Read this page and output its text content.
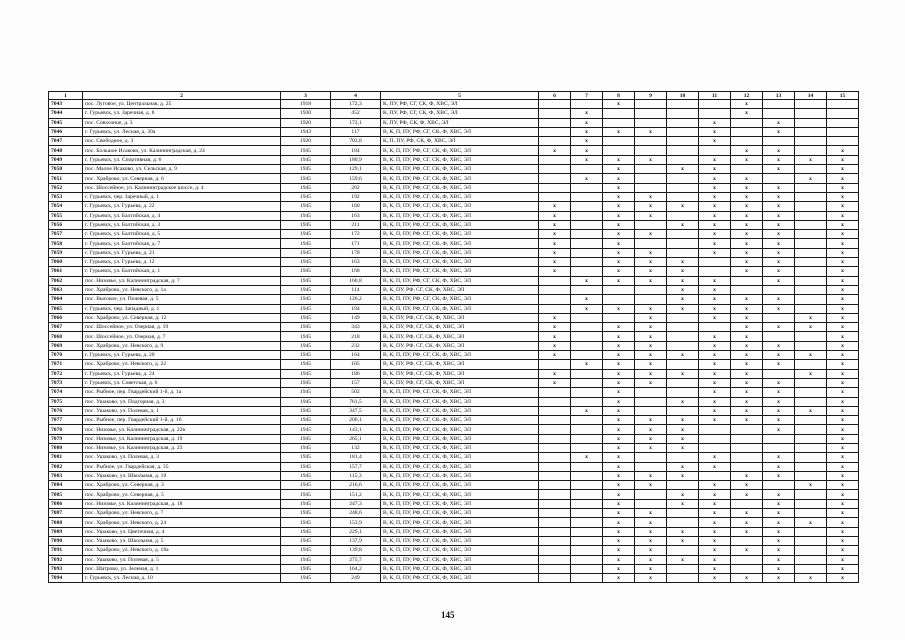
1	2	3	4	5	6	7	8	9	10	11	12	13	14	15
7043	пос. Луговое, ул. Центральная, д. 25	1918	172,3	К, ПУ, РФ, СГ, СК, Ф, ХВС, ЭЛ			x				x			
7044	г. Гурьевск, ул. Заречная, д. 8	1930	452	К, ПУ, РФ, СГ, СК, Ф, ХВС, ЭЛ		x					x			
7045	пос. Совхозное, д. 3	1920	172,1	К, ПУ, РФ, СК, Ф, ХВС, ЭЛ		x				x		x		
7046	г. Гурьевск, ул. Лесная, д. 30а	1943	117	В, К, П, ПУ, РФ, СГ, СК, Ф, ХВС, ЭЛ		x	x	x		x		x		
7047	пос. Свободное, д. 3	1920	703,8	К, П, ПУ, РФ, СК, Ф, ХВС, ЭЛ		x				x				
7048	пос. Большое Исаково, ул. Калининградская, д. 24	1945	184	В, К, П, ПУ, РФ, СГ, СК, Ф, ХВС, ЭЛ	x	x					x	x		x
7049	г. Гурьевск, ул. Спортивная, д. 6	1945	180,9	В, К, П, ПУ, РФ, СГ, СК, Ф, ХВС, ЭЛ		x	x	x		x	x	x	x	x
7050	пос. Малое Исаково, ул. Сельская, д. 9	1945	129,1	В, К, П, ПУ, РФ, СГ, СК, Ф, ХВС, ЭЛ			x		x	x		x		x
7051	пос. Храброво, ул. Северная, д. 6	1945	159,6	В, К, П, ПУ, РФ, СГ, СК, Ф, ХВС, ЭЛ		x	x			x	x		x	x
7052	пос. Шоссейное, ул. Калининградское шоссе, д. 4	1945	202	В, К, П, ПУ, РФ, СГ, СК, Ф, ХВС, ЭЛ			x			x	x	x		x
7053	г. Гурьевск, пер. Заречный, д. 1	1945	192	В, К, П, ПУ, РФ, СГ, СК, Ф, ХВС, ЭЛ			x	x		x	x	x		x
7054	г. Гурьевск, ул. Гурьева, д. 22	1945	160	В, К, П, ПУ, РФ, СГ, СК, Ф, ХВС, ЭЛ	x		x	x	x	x	x	x		x
7055	г. Гурьевск, ул. Балтийская, д. 4	1945	163	В, К, П, ПУ, РФ, СГ, СК, Ф, ХВС, ЭЛ	x		x	x		x	x	x		x
7056	г. Гурьевск, ул. Балтийская, д. 3	1945	211	В, К, П, ПУ, РФ, СГ, СК, Ф, ХВС, ЭЛ	x		x		x	x	x	x		x
7057	г. Гурьевск, ул. Балтийская, д. 5	1945	172	В, К, П, ПУ, РФ, СГ, СК, Ф, ХВС, ЭЛ	x		x	x		x	x	x		x
7058	г. Гурьевск, ул. Балтийская, д. 7	1945	171	В, К, П, ПУ, РФ, СГ, СК, Ф, ХВС, ЭЛ	x		x			x	x	x		x
7059	г. Гурьевск, ул. Гурьева, д. 21	1945	178	В, К, П, ПУ, РФ, СГ, СК, Ф, ХВС, ЭЛ	x		x	x		x	x	x		x
7060	г. Гурьевск, ул. Гурьева, д. 12	1945	163	В, К, П, ПУ, РФ, СГ, СК, Ф, ХВС, ЭЛ	x		x	x	x		x	x		x
7061	г. Гурьевск, ул. Балтийская, д. 1	1945	168	В, К, П, ПУ, РФ, СГ, СК, Ф, ХВС, ЭЛ	x		x	x	x		x	x		x
7062	пос. Низовье, ул. Калининградская, д. 7	1945	160,8	В, К, П, ПУ, РФ, СГ, СК, Ф, ХВС, ЭЛ		x	x	x	x	x		x		x
7063	пос. Храброво, ул. Невского, д. 1а	1945	114	В, К, ПУ, РФ, СГ, СК, Ф, ХВС, ЭЛ					x	x				x
7064	пос. Высокое, ул. Полевая, д. 5	1945	126,2	В, К, П, ПУ, РФ, СГ, СК, Ф, ХВС, ЭЛ		x			x	x	x	x		x
7065	г. Гурьевск, пер. Западный, д. 1	1945	194	В, К, П, ПУ, РФ, СГ, СК, Ф, ХВС, ЭЛ		x	x	x	x	x	x	x		x
7066	пос. Храброво, ул. Северная, д. 12	1945	149	В, К, ПУ, РФ, СГ, СК, Ф, ХВС, ЭЛ	x			x		x	x		x	x
7067	пос. Шоссейное, ул. Озерная, д. 19	1945	343	В, К, ПУ, РФ, СГ, СК, Ф, ХВС, ЭЛ	x		x	x			x	x	x	x
7068	пос. Шоссейное, ул. Озерная, д. 7	1945	218	В, К, ПУ, РФ, СГ, СК, Ф, ХВС, ЭЛ	x		x	x		x	x			x
7069	пос. Храброво, ул. Невского, д. 9	1945	232	В, К, ПУ, РФ, СГ, СК, Ф, ХВС, ЭЛ	x		x	x		x	x	x		x
7070	г. Гурьевск, ул. Гурьева, д. 20	1945	164	В, К, П, ПУ, РФ, СГ, СК, Ф, ХВС, ЭЛ	x		x	x	x	x	x	x	x	x
7071	пос. Храброво, ул. Невского, д. 22	1945	105	В, К, ПУ, РФ, СГ, СК, Ф, ХВС, ЭЛ		x	x	x		x	x	x		x
7072	г. Гурьевск, ул. Гурьева, д. 24	1945	186	В, К, ПУ, РФ, СГ, СК, Ф, ХВС, ЭЛ	x		x	x	x	x	x		x	x
7073	г. Гурьевск, ул. Советская, д. 6	1945	157	В, К, ПУ, РФ, СГ, СК, Ф, ХВС, ЭЛ	x		x	x		x	x	x		x
7074	пос. Рыбное, пер. Гвардейский 1-й, д. 1а	1945	502	В, К, П, ПУ, РФ, СГ, СК, Ф, ХВС, ЭЛ			x			x	x	x		x
7075	пос. Ушаково, ул. Подгорная, д. 3	1945	761,5	В, К, П, ПУ, РФ, СГ, СК, Ф, ХВС, ЭЛ			x		x	x	x	x		x
7076	пос. Ушаково, ул. Полевая, д. 1	1945	347,5	В, К, П, ПУ, РФ, СГ, СК, Ф, ХВС, ЭЛ		x	x			x	x	x	x	x
7077	пос. Рыбное, пер. Гвардейский 1-й, д. 16	1945	206,1	В, К, П, ПУ, РФ, СГ, СК, Ф, ХВС, ЭЛ			x	x	x	x	x	x		x
7078	пос. Низовье, ул. Калининградская, д. 22в	1945	143,1	В, К, П, ПУ, РФ, СГ, СК, Ф, ХВС, ЭЛ			x	x	x			x		x
7079	пос. Низовье, ул. Калининградская, д. 19	1945	265,1	В, К, П, ПУ, РФ, СГ, СК, Ф, ХВС, ЭЛ			x	x	x					x
7080	пос. Низовье, ул. Калининградская, д. 23	1945	132	В, К, П, ПУ, РФ, СГ, СК, Ф, ХВС, ЭЛ			x	x	x					x
7081	пос. Ушаково, ул. Полевая, д. 3	1945	181,4	В, К, П, ПУ, РФ, СГ, СК, Ф, ХВС, ЭЛ		x	x			x		x		x
7082	пос. Рыбное, ул. Гвардейская, д. 35	1945	157,7	В, К, П, ПУ, РФ, СГ, СК, Ф, ХВС, ЭЛ			x		x	x		x		x
7083	пос. Ушаково, ул. Школьная, д. 10	1945	115,3	В, К, П, ПУ, РФ, СГ, СК, Ф, ХВС, ЭЛ			x	x	x		x	x		x
7084	пос. Храброво, ул. Северная, д. 3	1945	216,6	В, К, П, ПУ, РФ, СГ, СК, Ф, ХВС, ЭЛ			x	x		x	x		x	x
7085	пос. Храброво, ул. Северная, д. 5	1945	151,2	В, К, П, ПУ, РФ, СГ, СК, Ф, ХВС, ЭЛ			x		x	x	x	x		x
7086	пос. Низовье, ул. Калининградская, д. 18	1945	247,3	В, К, П, ПУ, РФ, СГ, СК, Ф, ХВС, ЭЛ			x		x	x		x		x
7087	пос. Храброво, ул. Невского, д. 7	1945	248,6	В, К, П, ПУ, РФ, СГ, СК, Ф, ХВС, ЭЛ			x	x		x	x	x		x
7088	пос. Храброво, ул. Невского, д. 24	1945	153,9	В, К, П, ПУ, РФ, СГ, СК, Ф, ХВС, ЭЛ			x	x		x	x	x	x	x
7089	пос. Ушаково, ул. Цветочная, д. 4	1945	229,1	В, К, П, ПУ, РФ, СГ, СК, Ф, ХВС, ЭЛ			x	x	x	x	x	x		x
7090	пос. Ушаково, ул. Школьная, д. 5	1945	137,9	В, К, П, ПУ, РФ, СГ, СК, Ф, ХВС, ЭЛ			x	x	x	x		x		x
7091	пос. Храброво, ул. Невского, д. 18а	1945	139,8	В, К, П, ПУ, РФ, СГ, СК, Ф, ХВС, ЭЛ			x	x		x	x	x		x
7092	пос. Ушаково, ул. Полевая, д. 5	1945	275,7	В, К, П, ПУ, РФ, СГ, СК, Ф, ХВС, ЭЛ			x	x	x	x		x		x
7093	пос. Шатрово, ул. Зеленая, д. 1	1945	164,2	В, К, П, ПУ, РФ, СГ, СК, Ф, ХВС, ЭЛ			x	x		x		x		x
7094	г. Гурьевск, ул. Лесная, д. 10	1945	249	В, К, П, ПУ, РФ, СГ, СК, Ф, ХВС, ЭЛ			x	x		x	x	x	x	x
145
